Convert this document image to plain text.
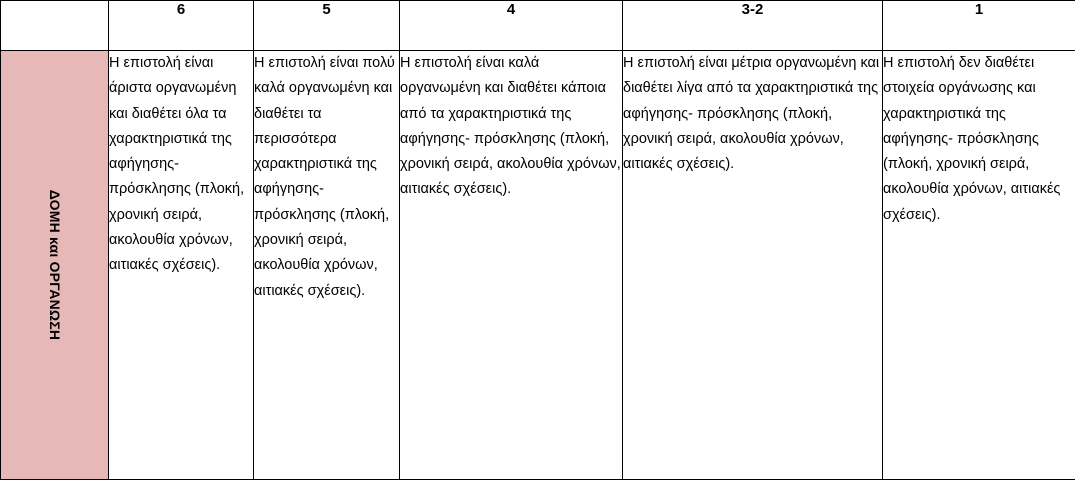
	6	5	4	3-2	1

ΔΟΜΗ και ΟΡΓΑΝΩΣΗ	Η επιστολή είναι άριστα οργανωμένη και διαθέτει όλα τα χαρακτηριστικά της αφήγησης-πρόσκλησης (πλοκή, χρονική σειρά, ακολουθία χρόνων, αιτιακές σχέσεις).	Η επιστολή είναι πολύ καλά οργανωμένη και διαθέτει τα περισσότερα χαρακτηριστικά της αφήγησης-πρόσκλησης (πλοκή, χρονική σειρά, ακολουθία χρόνων, αιτιακές σχέσεις).	Η επιστολή είναι καλά οργανωμένη και διαθέτει κάποια από τα χαρακτηριστικά της αφήγησης- πρόσκλησης (πλοκή, χρονική σειρά, ακολουθία χρόνων, αιτιακές σχέσεις).	Η επιστολή είναι μέτρια οργανωμένη και διαθέτει λίγα από τα χαρακτηριστικά της αφήγησης- πρόσκλησης (πλοκή, χρονική σειρά, ακολουθία χρόνων, αιτιακές σχέσεις).	Η επιστολή δεν διαθέτει στοιχεία οργάνωσης και χαρακτηριστικά της αφήγησης- πρόσκλησης (πλοκή, χρονική σειρά, ακολουθία χρόνων, αιτιακές σχέσεις).
